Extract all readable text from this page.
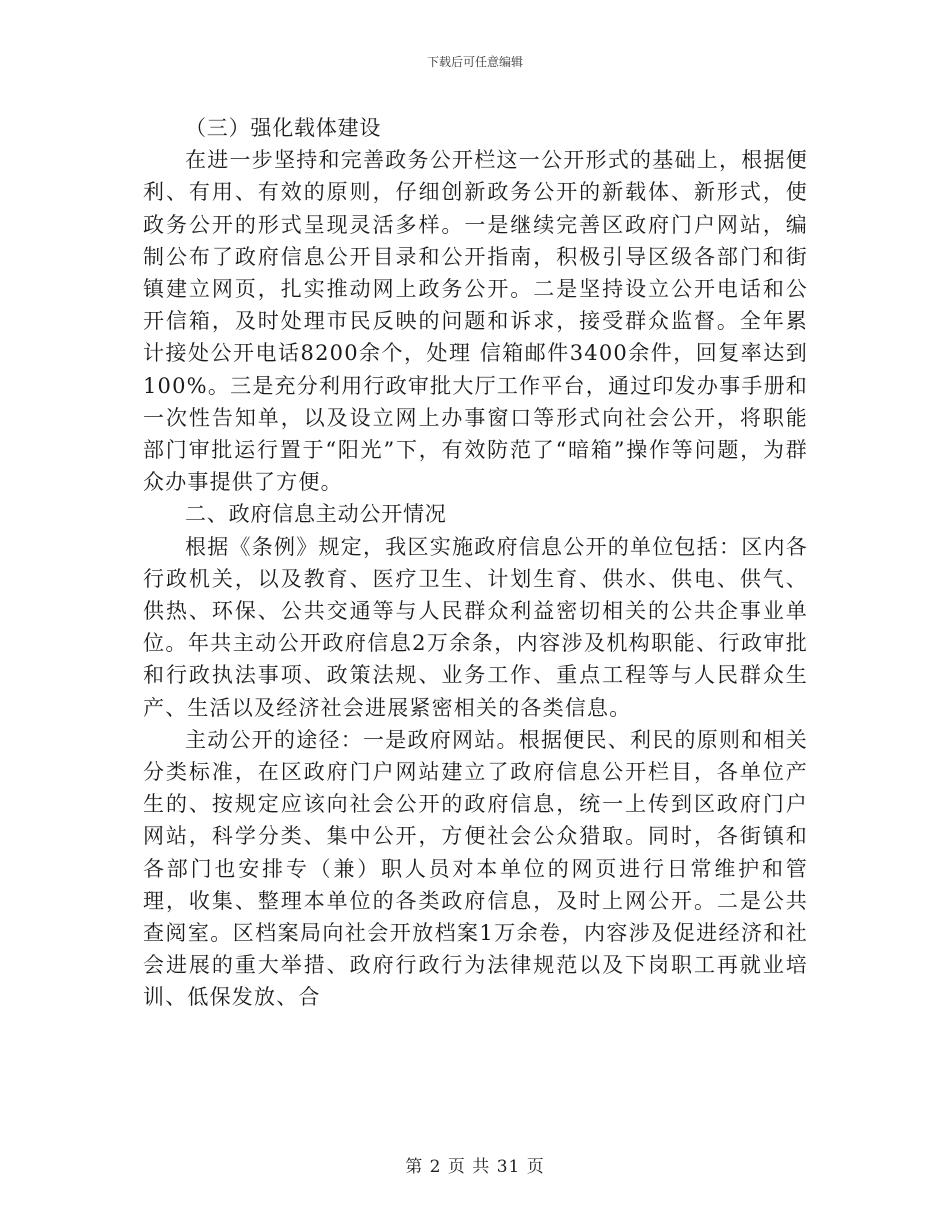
下载后可任意编辑

（三）强化载体建设

在进一步坚持和完善政务公开栏这一公开形式的基础上，根据便利、有用、有效的原则，仔细创新政务公开的新载体、新形式，使政务公开的形式呈现灵活多样。一是继续完善区政府门户网站，编制公布了政府信息公开目录和公开指南，积极引导区级各部门和街镇建立网页，扎实推动网上政务公开。二是坚持设立公开电话和公开信箱，及时处理市民反映的问题和诉求，接受群众监督。全年累计接处公开电话8200余个，处理 信箱邮件3400余件，回复率达到100%。三是充分利用行政审批大厅工作平台，通过印发办事手册和一次性告知单，以及设立网上办事窗口等形式向社会公开，将职能部门审批运行置于“阳光”下，有效防范了“暗箱”操作等问题，为群众办事提供了方便。

二、政府信息主动公开情况

根据《条例》规定，我区实施政府信息公开的单位包括：区内各行政机关，以及教育、医疗卫生、计划生育、供水、供电、供气、供热、环保、公共交通等与人民群众利益密切相关的公共企事业单位。年共主动公开政府信息2万余条，内容涉及机构职能、行政审批和行政执法事项、政策法规、业务工作、重点工程等与人民群众生产、生活以及经济社会进展紧密相关的各类信息。

主动公开的途径：一是政府网站。根据便民、利民的原则和相关分类标准，在区政府门户网站建立了政府信息公开栏目，各单位产生的、按规定应该向社会公开的政府信息，统一上传到区政府门户网站，科学分类、集中公开，方便社会公众猎取。同时，各街镇和各部门也安排专（兼）职人员对本单位的网页进行日常维护和管理，收集、整理本单位的各类政府信息，及时上网公开。二是公共查阅室。区档案局向社会开放档案1万余卷，内容涉及促进经济和社会进展的重大举措、政府行政行为法律规范以及下岗职工再就业培训、低保发放、合

第 2 页 共 31 页
